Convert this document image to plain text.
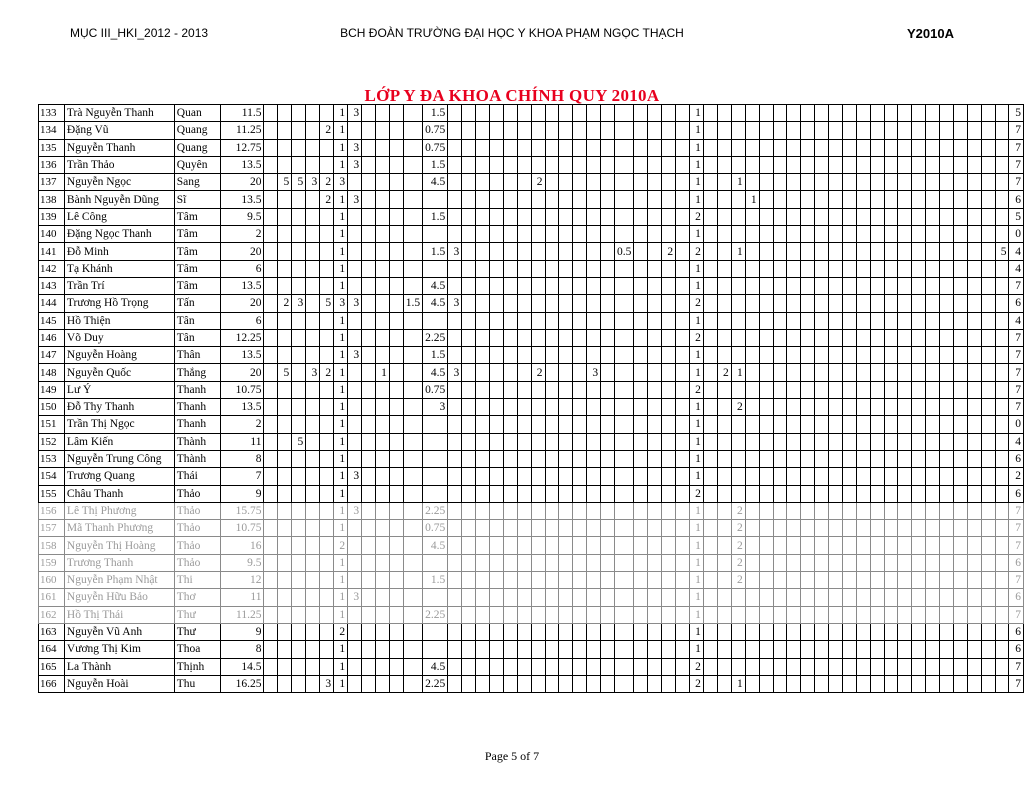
MỤC III_HKI_2012 - 2013	BCH ĐOÀN TRƯỜNG ĐẠI HỌC Y KHOA PHẠM NGỌC THẠCH	Y2010A
LỚP Y ĐA KHOA CHÍNH QUY 2010A
133	Trà Nguyễn Thanh	Quan	11.5						1	3					1.5																		1																							5
134	Đặng Vũ	Quang	11.25					2	1						0.75																		1																							7
135	Nguyễn Thanh	Quang	12.75						1	3					0.75																		1																							7
136	Trần Thảo	Quyên	13.5						1	3					1.5																		1																							7
137	Nguyễn Ngọc	Sang	20		5	5	3	2	3						4.5							2											1			1																				7
138	Bành Nguyễn Dũng	Sĩ	13.5					2	1	3																							1				1																			6
139	Lê Công	Tâm	9.5						1						1.5																		2																							5
140	Đặng Ngọc Thanh	Tâm	2						1																								1																							0
141	Đỗ Minh	Tâm	20						1						1.5	3												0.5			2		2			1																			5	4
142	Tạ Khánh	Tâm	6						1																								1																							4
143	Trần Trí	Tâm	13.5						1						4.5																		1																							7
144	Trương Hồ Trọng	Tấn	20		2	3		5	3	3				1.5	4.5	3																	2																							6
145	Hồ Thiện	Tân	6						1																								1																							4
146	Võ Duy	Tân	12.25						1						2.25																		2																							7
147	Nguyễn Hoàng	Thân	13.5						1	3					1.5																		1																							7
148	Nguyễn Quốc	Thắng	20		5		3	2	1			1			4.5	3						2				3							1		2	1																				7
149	Lư Ý	Thanh	10.75						1						0.75																		2																							7
150	Đỗ Thy Thanh	Thanh	13.5						1						3																		1			2																				7
151	Trần Thị Ngọc	Thanh	2						1																								1																							0
152	Lâm Kiến	Thành	11			5			1																								1																							4
153	Nguyễn Trung Công	Thành	8						1																								1																							6
154	Trương Quang	Thái	7						1	3																							1																							2
155	Châu Thanh	Thảo	9						1																								2																							6
156	Lê Thị Phương	Thảo	15.75						1	3					2.25																		1			2																				7
157	Mã Thanh Phương	Thảo	10.75						1						0.75																		1			2																				7
158	Nguyễn Thị Hoàng	Thảo	16						2						4.5																		1			2																				7
159	Trương Thanh	Thảo	9.5						1																								1			2																				6
160	Nguyễn Phạm Nhật	Thi	12						1						1.5																		1			2																				7
161	Nguyễn Hữu Bảo	Thơ	11						1	3																							1																							6
162	Hồ Thị Thái	Thư	11.25						1						2.25																		1																							7
163	Nguyễn Vũ Anh	Thư	9						2																								1																							6
164	Vương Thị Kim	Thoa	8						1																								1																							6
165	La Thành	Thịnh	14.5						1						4.5																		2																							7
166	Nguyễn Hoài	Thu	16.25					3	1						2.25																		2			1																				7
Page 5 of 7
